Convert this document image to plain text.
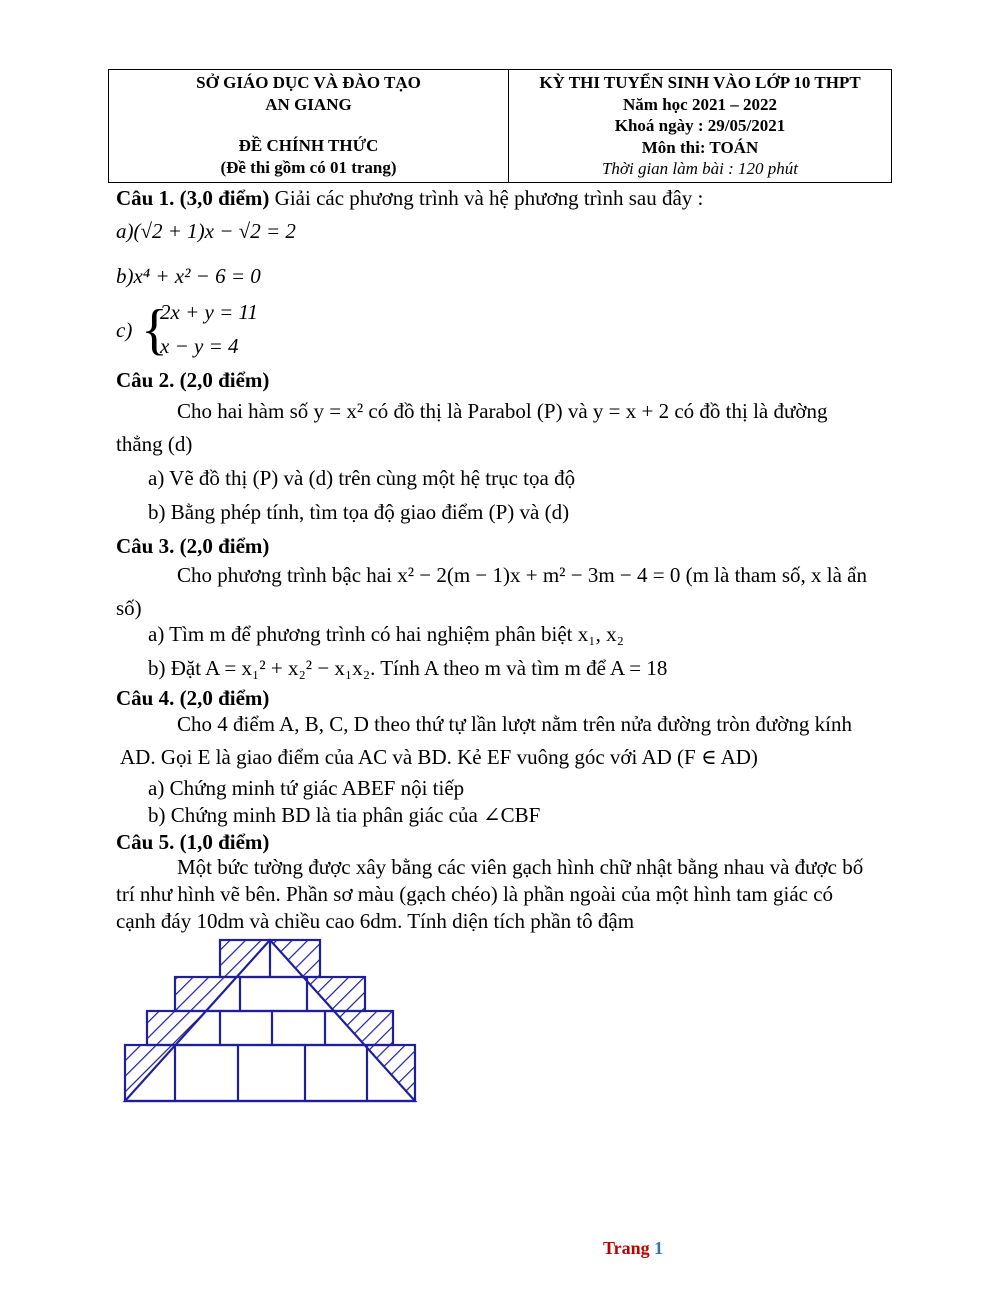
SỞ GIÁO DỤC VÀ ĐÀO TẠO
AN GIANG
ĐỀ CHÍNH THỨC
(Đề thi gồm có 01 trang)
KỲ THI TUYỂN SINH VÀO LỚP 10 THPT
Năm học 2021 – 2022
Khoá ngày : 29/05/2021
Môn thi: TOÁN
Thời gian làm bài : 120 phút
Câu 1. (3,0 điểm) Giải các phương trình và hệ phương trình sau đây :
a)(√2 + 1)x − √2 = 2
b)x⁴ + x² − 6 = 0
c) {
2x + y = 11
x − y = 4
Câu 2. (2,0 điểm)
Cho hai hàm số y = x² có đồ thị là Parabol (P) và y = x + 2 có đồ thị là đường
thẳng (d)
a) Vẽ đồ thị (P) và (d) trên cùng một hệ trục tọa độ
b) Bằng phép tính, tìm tọa độ giao điểm (P) và (d)
Câu 3. (2,0 điểm)
Cho phương trình bậc hai x² − 2(m − 1)x + m² − 3m − 4 = 0 (m là tham số, x là ẩn
số)
a) Tìm m để phương trình có hai nghiệm phân biệt x₁, x₂
b) Đặt A = x₁² + x₂² − x₁x₂. Tính A theo m và tìm m để A = 18
Câu 4. (2,0 điểm)
Cho 4 điểm A, B, C, D theo thứ tự lần lượt nằm trên nửa đường tròn đường kính
AD. Gọi E là giao điểm của AC và BD. Kẻ EF vuông góc với AD (F ∈ AD)
a) Chứng minh tứ giác ABEF nội tiếp
b) Chứng minh BD là tia phân giác của ∠CBF
Câu 5. (1,0 điểm)
Một bức tường được xây bằng các viên gạch hình chữ nhật bằng nhau và được bố
trí như hình vẽ bên. Phần sơ màu (gạch chéo) là phần ngoài của một hình tam giác có
cạnh đáy 10dm và chiều cao 6dm. Tính diện tích phần tô đậm
Trang 1
